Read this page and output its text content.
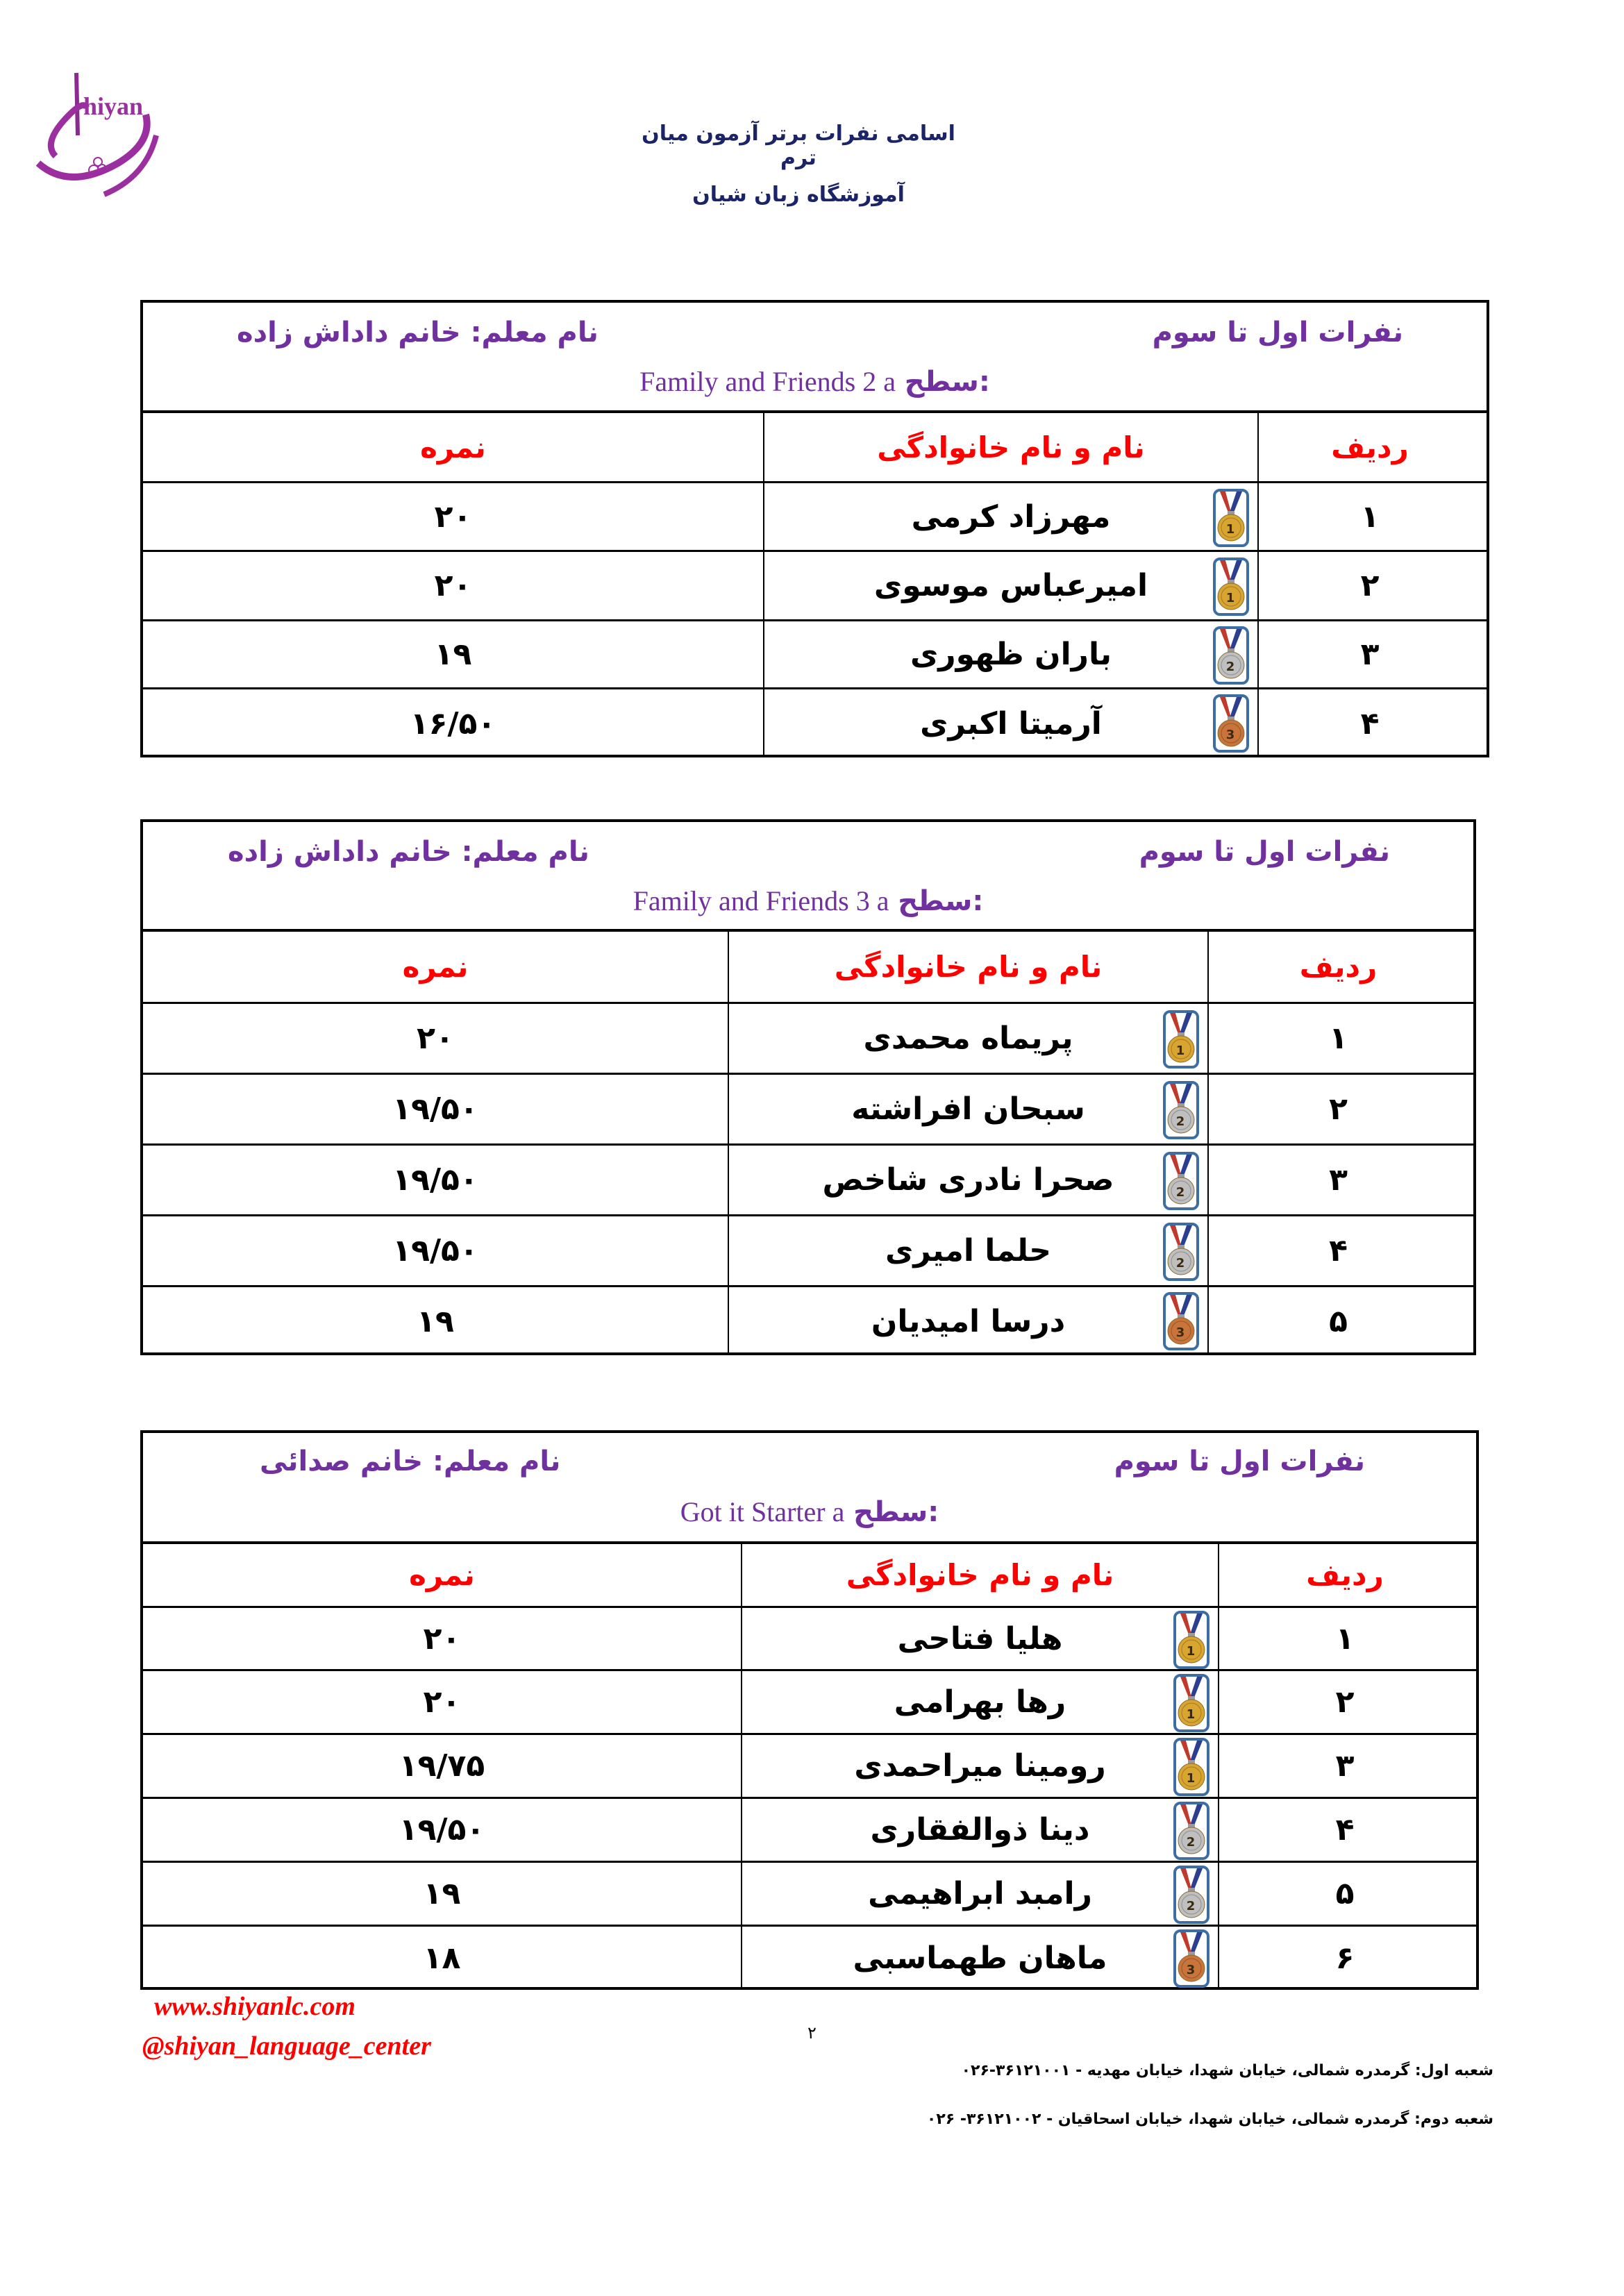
hiyan
اسامی نفرات برتر آزمون میان ترم
آموزشگاه زبان شیان
نفرات اول تا سوم
نام معلم: خانم داداش زاده
Family and Friends 2 a سطح:
نمره	نام و نام خانوادگی	ردیف
۲۰	مهرزاد کرمی	1	۱
۲۰	امیرعباس موسوی	1	۲
۱۹	باران ظهوری	2	۳
۱۶/۵۰	آرمیتا اکبری	3	۴
نفرات اول تا سوم
نام معلم: خانم داداش زاده
Family and Friends 3 a سطح:
نمره	نام و نام خانوادگی	ردیف
۲۰	پریماه محمدی	1	۱
۱۹/۵۰	سبحان افراشته	2	۲
۱۹/۵۰	صحرا نادری شاخص	2	۳
۱۹/۵۰	حلما امیری	2	۴
۱۹	درسا امیدیان	3	۵
نفرات اول تا سوم
نام معلم: خانم صدائی
Got it Starter a سطح:
نمره	نام و نام خانوادگی	ردیف
۲۰	هلیا فتاحی	1	۱
۲۰	رها بهرامی	1	۲
۱۹/۷۵	رومینا میراحمدی	1	۳
۱۹/۵۰	دینا ذوالفقاری	2	۴
۱۹	رامبد ابراهیمی	2	۵
۱۸	ماهان طهماسبی	3	۶
www.shiyanlc.com
@shiyan_language_center	۲
شعبه اول: گرمدره شمالی، خیابان شهدا، خیابان مهدیه - ۳۶۱۲۱۰۰۱-۰۲۶
شعبه دوم: گرمدره شمالی، خیابان شهدا، خیابان اسحاقیان - ۳۶۱۲۱۰۰۲- ۰۲۶
